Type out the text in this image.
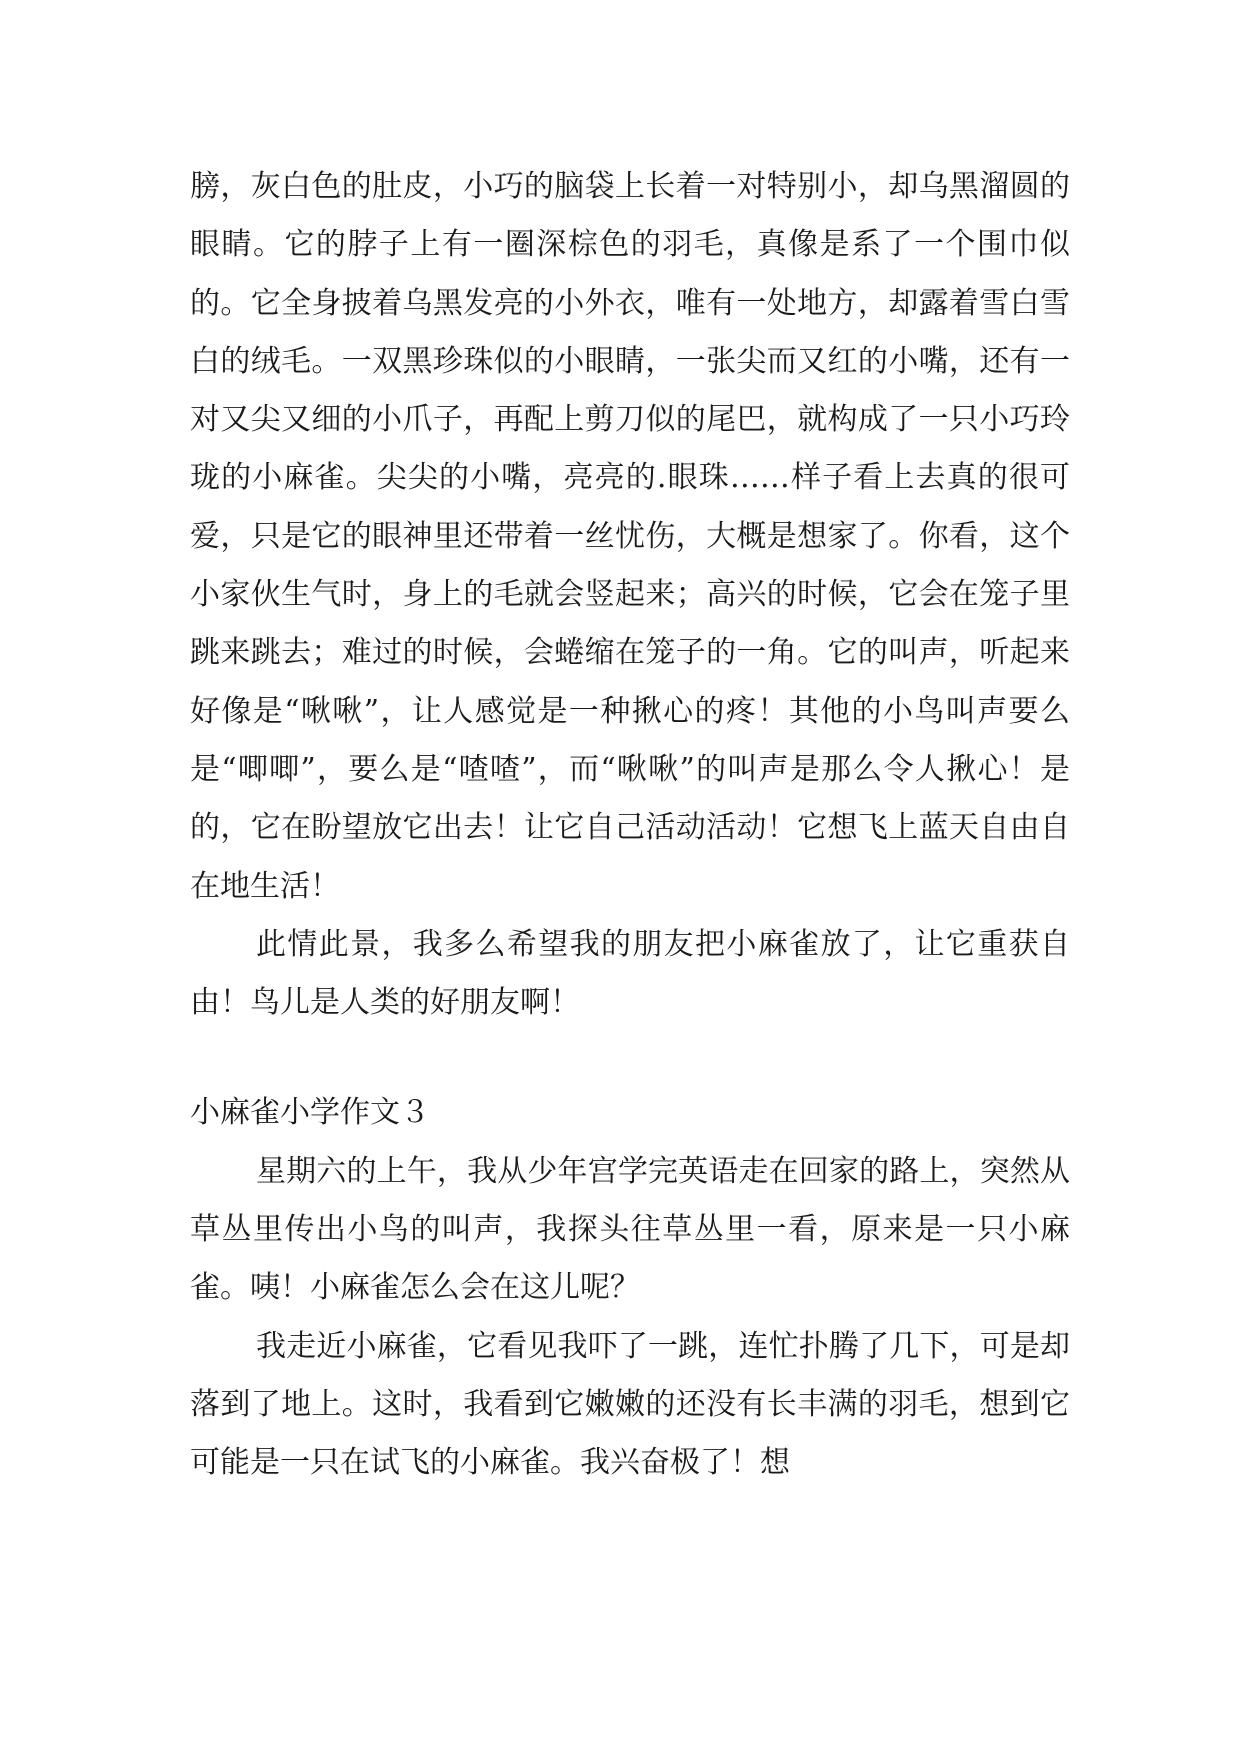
膀，灰白色的肚皮，小巧的脑袋上长着一对特别小，却乌黑溜圆的眼睛。它的脖子上有一圈深棕色的羽毛，真像是系了一个围巾似的。它全身披着乌黑发亮的小外衣，唯有一处地方，却露着雪白雪白的绒毛。一双黑珍珠似的小眼睛，一张尖而又红的小嘴，还有一对又尖又细的小爪子，再配上剪刀似的尾巴，就构成了一只小巧玲珑的小麻雀。尖尖的小嘴，亮亮的.眼珠……样子看上去真的很可爱，只是它的眼神里还带着一丝忧伤，大概是想家了。你看，这个小家伙生气时，身上的毛就会竖起来；高兴的时候，它会在笼子里跳来跳去；难过的时候，会蜷缩在笼子的一角。它的叫声，听起来好像是“啾啾”，让人感觉是一种揪心的疼！其他的小鸟叫声要么是“唧唧”，要么是“喳喳”，而“啾啾”的叫声是那么令人揪心！是的，它在盼望放它出去！让它自己活动活动！它想飞上蓝天自由自在地生活！

此情此景，我多么希望我的朋友把小麻雀放了，让它重获自由！鸟儿是人类的好朋友啊！

小麻雀小学作文３

星期六的上午，我从少年宫学完英语走在回家的路上，突然从草丛里传出小鸟的叫声，我探头往草丛里一看，原来是一只小麻雀。咦！小麻雀怎么会在这儿呢？

我走近小麻雀，它看见我吓了一跳，连忙扑腾了几下，可是却落到了地上。这时，我看到它嫩嫩的还没有长丰满的羽毛，想到它可能是一只在试飞的小麻雀。我兴奋极了！想
